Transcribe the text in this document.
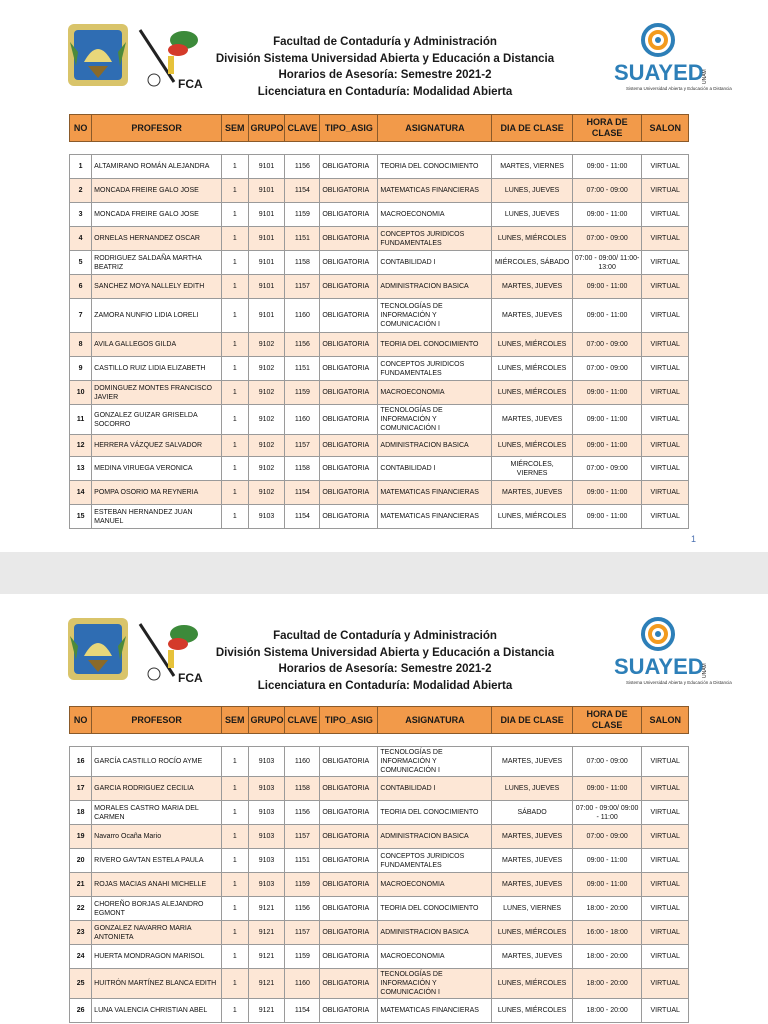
FCA	SUAYED
Sistema Universidad Abierta y Educación a Distancia
UNAM
Facultad de Contaduría y Administración
División Sistema Universidad Abierta y Educación a Distancia
Horarios de Asesoría: Semestre 2021-2
Licenciatura en Contaduría: Modalidad Abierta
NO	PROFESOR	SEM	GRUPO	CLAVE	TIPO_ASIG	ASIGNATURA	DIA DE CLASE	HORA DE CLASE	SALON

1	ALTAMIRANO ROMÁN ALEJANDRA	1	9101	1156	OBLIGATORIA	TEORIA DEL CONOCIMIENTO	MARTES, VIERNES	09:00 - 11:00	VIRTUAL
2	MONCADA FREIRE GALO JOSE	1	9101	1154	OBLIGATORIA	MATEMATICAS FINANCIERAS	LUNES, JUEVES	07:00 - 09:00	VIRTUAL
3	MONCADA FREIRE GALO JOSE	1	9101	1159	OBLIGATORIA	MACROECONOMIA	LUNES, JUEVES	09:00 - 11:00	VIRTUAL
4	ORNELAS HERNANDEZ OSCAR	1	9101	1151	OBLIGATORIA	CONCEPTOS JURIDICOS FUNDAMENTALES	LUNES, MIÉRCOLES	07:00 - 09:00	VIRTUAL
5	RODRIGUEZ SALDAÑA MARTHA BEATRIZ	1	9101	1158	OBLIGATORIA	CONTABILIDAD I	MIÉRCOLES, SÁBADO	07:00 - 09:00/ 11:00-13:00	VIRTUAL
6	SANCHEZ MOYA NALLELY EDITH	1	9101	1157	OBLIGATORIA	ADMINISTRACION BASICA	MARTES, JUEVES	09:00 - 11:00	VIRTUAL
7	ZAMORA NUNFIO LIDIA LORELI	1	9101	1160	OBLIGATORIA	TECNOLOGÍAS DE INFORMACIÓN Y COMUNICACIÓN I	MARTES, JUEVES	09:00 - 11:00	VIRTUAL
8	AVILA GALLEGOS GILDA	1	9102	1156	OBLIGATORIA	TEORIA DEL CONOCIMIENTO	LUNES, MIÉRCOLES	07:00 - 09:00	VIRTUAL
9	CASTILLO RUIZ LIDIA ELIZABETH	1	9102	1151	OBLIGATORIA	CONCEPTOS JURIDICOS FUNDAMENTALES	LUNES, MIÉRCOLES	07:00 - 09:00	VIRTUAL
10	DOMINGUEZ MONTES FRANCISCO JAVIER	1	9102	1159	OBLIGATORIA	MACROECONOMIA	LUNES, MIÉRCOLES	09:00 - 11:00	VIRTUAL
11	GONZALEZ GUIZAR GRISELDA SOCORRO	1	9102	1160	OBLIGATORIA	TECNOLOGÍAS DE INFORMACIÓN Y COMUNICACIÓN I	MARTES, JUEVES	09:00 - 11:00	VIRTUAL
12	HERRERA VÁZQUEZ SALVADOR	1	9102	1157	OBLIGATORIA	ADMINISTRACION BASICA	LUNES, MIÉRCOLES	09:00 - 11:00	VIRTUAL
13	MEDINA VIRUEGA VERONICA	1	9102	1158	OBLIGATORIA	CONTABILIDAD I	MIÉRCOLES, VIERNES	07:00 - 09:00	VIRTUAL
14	POMPA OSORIO MA REYNERIA	1	9102	1154	OBLIGATORIA	MATEMATICAS FINANCIERAS	MARTES, JUEVES	09:00 - 11:00	VIRTUAL
15	ESTEBAN HERNANDEZ JUAN MANUEL	1	9103	1154	OBLIGATORIA	MATEMATICAS FINANCIERAS	LUNES, MIÉRCOLES	09:00 - 11:00	VIRTUAL
1
FCA	SUAYED
Sistema Universidad Abierta y Educación a Distancia
UNAM
Facultad de Contaduría y Administración
División Sistema Universidad Abierta y Educación a Distancia
Horarios de Asesoría: Semestre 2021-2
Licenciatura en Contaduría: Modalidad Abierta
NO	PROFESOR	SEM	GRUPO	CLAVE	TIPO_ASIG	ASIGNATURA	DIA DE CLASE	HORA DE CLASE	SALON

16	GARCÍA CASTILLO ROCÍO AYME	1	9103	1160	OBLIGATORIA	TECNOLOGÍAS DE INFORMACIÓN Y COMUNICACIÓN I	MARTES, JUEVES	07:00 - 09:00	VIRTUAL
17	GARCIA RODRIGUEZ CECILIA	1	9103	1158	OBLIGATORIA	CONTABILIDAD I	LUNES, JUEVES	09:00 - 11:00	VIRTUAL
18	MORALES CASTRO MARIA DEL CARMEN	1	9103	1156	OBLIGATORIA	TEORIA DEL CONOCIMIENTO	SÁBADO	07:00 - 09:00/ 09:00 - 11:00	VIRTUAL
19	Navarro Ocaña Mario	1	9103	1157	OBLIGATORIA	ADMINISTRACION BASICA	MARTES, JUEVES	07:00 - 09:00	VIRTUAL
20	RIVERO GAVTAN ESTELA PAULA	1	9103	1151	OBLIGATORIA	CONCEPTOS JURIDICOS FUNDAMENTALES	MARTES, JUEVES	09:00 - 11:00	VIRTUAL
21	ROJAS MACIAS ANAHI MICHELLE	1	9103	1159	OBLIGATORIA	MACROECONOMIA	MARTES, JUEVES	09:00 - 11:00	VIRTUAL
22	CHOREÑO BORJAS ALEJANDRO EGMONT	1	9121	1156	OBLIGATORIA	TEORIA DEL CONOCIMIENTO	LUNES, VIERNES	18:00 - 20:00	VIRTUAL
23	GONZALEZ NAVARRO MARIA ANTONIETA	1	9121	1157	OBLIGATORIA	ADMINISTRACION BASICA	LUNES, MIÉRCOLES	16:00 - 18:00	VIRTUAL
24	HUERTA MONDRAGON MARISOL	1	9121	1159	OBLIGATORIA	MACROECONOMIA	MARTES, JUEVES	18:00 - 20:00	VIRTUAL
25	HUITRÓN MARTÍNEZ BLANCA EDITH	1	9121	1160	OBLIGATORIA	TECNOLOGÍAS DE INFORMACIÓN Y COMUNICACIÓN I	LUNES, MIÉRCOLES	18:00 - 20:00	VIRTUAL
26	LUNA VALENCIA CHRISTIAN ABEL	1	9121	1154	OBLIGATORIA	MATEMATICAS FINANCIERAS	LUNES, MIÉRCOLES	18:00 - 20:00	VIRTUAL
